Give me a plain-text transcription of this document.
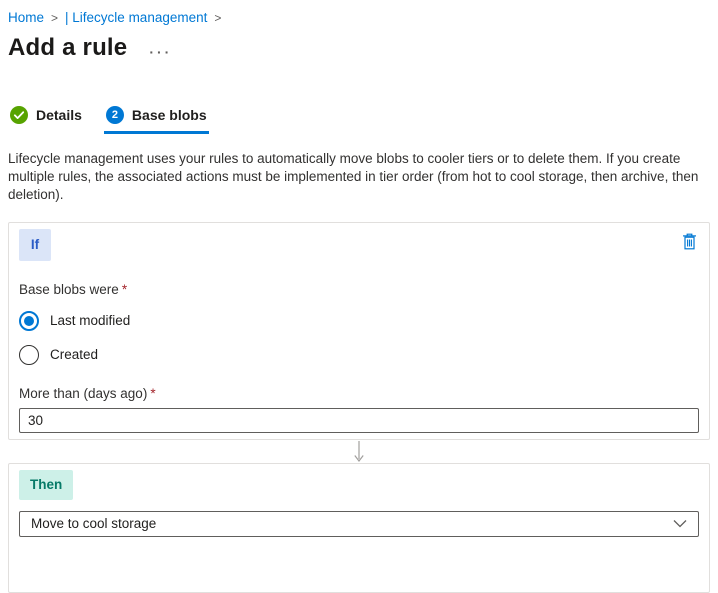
Home > | Lifecycle management >
Add a rule ···
Details	2 Base blobs

Lifecycle management uses your rules to automatically move blobs to cooler tiers or to delete them. If you create multiple rules, the associated actions must be implemented in tier order (from hot to cool storage, then archive, then deletion).

If
Base blobs were *
Last modified
Created
More than (days ago) *
30
Then
Move to cool storage
